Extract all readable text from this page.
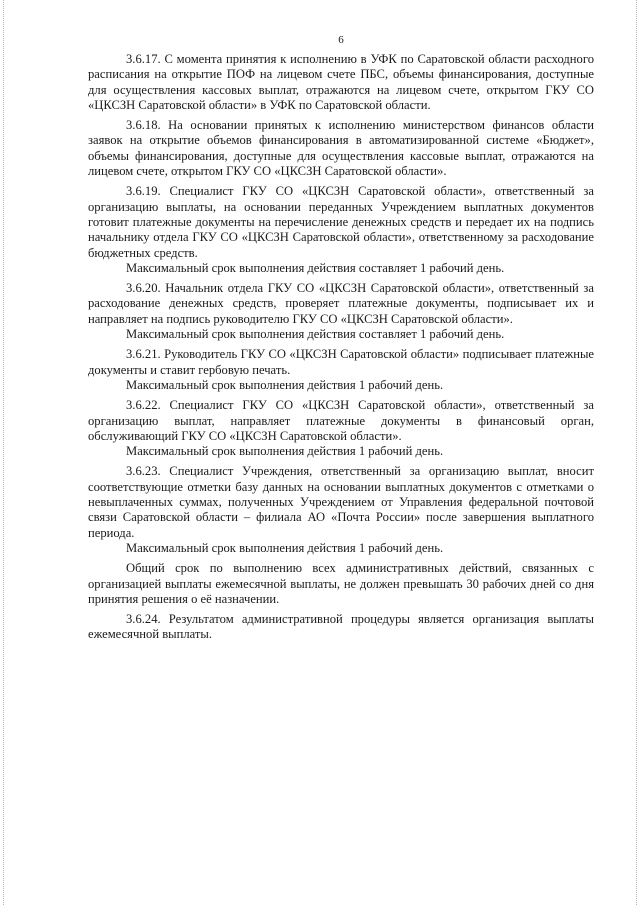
6

3.6.17. С момента принятия к исполнению в УФК по Саратовской области расходного расписания на открытие ПОФ на лицевом счете ПБС, объемы финансирования, доступные для осуществления кассовых выплат, отражаются на лицевом счете, открытом ГКУ СО «ЦКСЗН Саратовской области» в УФК по Саратовской области.

3.6.18. На основании принятых к исполнению министерством финансов области заявок на открытие объемов финансирования в автоматизированной системе «Бюджет», объемы финансирования, доступные для осуществления кассовые выплат, отражаются на лицевом счете, открытом ГКУ СО «ЦКСЗН Саратовской области».

3.6.19. Специалист ГКУ СО «ЦКСЗН Саратовской области», ответственный за организацию выплаты, на основании переданных Учреждением выплатных документов готовит платежные документы на перечисление денежных средств и передает их на подпись начальнику отдела ГКУ СО «ЦКСЗН Саратовской области», ответственному за расходование бюджетных средств.

Максимальный срок выполнения действия составляет 1 рабочий день.

3.6.20. Начальник отдела ГКУ СО «ЦКСЗН Саратовской области», ответственный за расходование денежных средств, проверяет платежные документы, подписывает их и направляет на подпись руководителю ГКУ СО «ЦКСЗН Саратовской области».

Максимальный срок выполнения действия составляет 1 рабочий день.

3.6.21. Руководитель ГКУ СО «ЦКСЗН Саратовской области» подписывает платежные документы и ставит гербовую печать.

Максимальный срок выполнения действия 1 рабочий день.

3.6.22. Специалист ГКУ СО «ЦКСЗН Саратовской области», ответственный за организацию выплат, направляет платежные документы в финансовый орган, обслуживающий ГКУ СО «ЦКСЗН Саратовской области».

Максимальный срок выполнения действия 1 рабочий день.

3.6.23. Специалист Учреждения, ответственный за организацию выплат, вносит соответствующие отметки базу данных на основании выплатных документов с отметками о невыплаченных суммах, полученных Учреждением от Управления федеральной почтовой связи Саратовской области – филиала АО «Почта России» после завершения выплатного периода.

Максимальный срок выполнения действия 1 рабочий день.

Общий срок по выполнению всех административных действий, связанных с организацией выплаты ежемесячной выплаты, не должен превышать 30 рабочих дней со дня принятия решения о её назначении.

3.6.24. Результатом административной процедуры является организация выплаты ежемесячной выплаты.
